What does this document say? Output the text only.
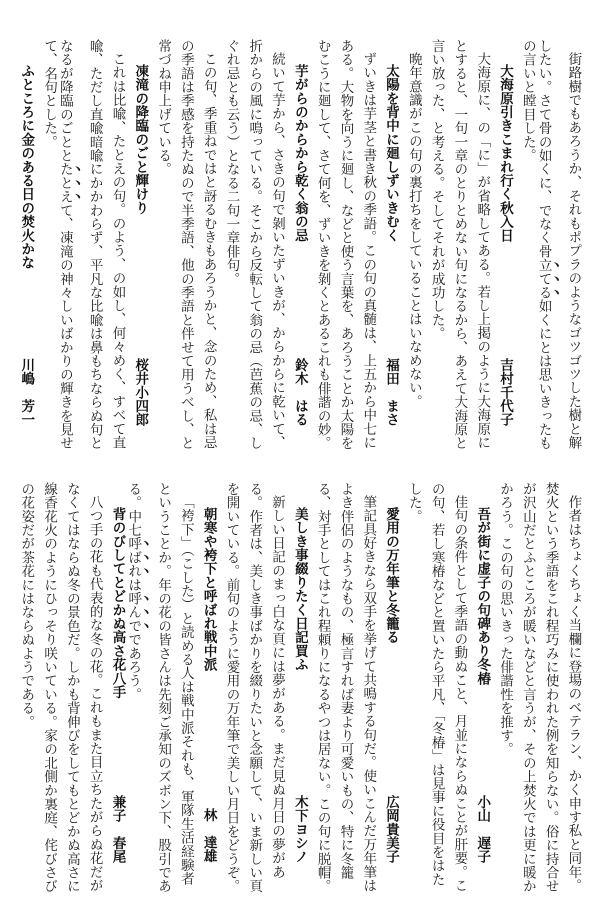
街路樹でもあろうか、それもポプラのようなゴツゴツした樹と解
したい。さて骨の如くに、でなく骨立てる如くにとは思いきったも
の言いと瞠目した。
大海原引きこまれ行く秋入日
吉村千代子
大海原に、の「に」が省略してある。若し上掲のように大海原に
とすると、一句一章のとりとめない句になるから、あえて大海原と
言い放った、と考える。そしてそれが成功した。
晩年意識がこの句の裏打ちをしていることはいなめない。
太陽を背中に廻しずいきむく
福田　まさ
ずいきは芋茎と書き秋の季語。この句の真髄は、上五から中七に
ある。大物を向うに廻し、などと使う言葉を、あろうことか太陽を
むこうに廻して、さて何を、ずいきを剝くとあるこれも俳諧の妙。
芋がらのからから乾く翁の忌
鈴木　はる
続いて芋から、さきの句で剝いたずいきが、からからに乾いて、
折からの風に鳴っている。そこから反転して翁の忌（芭蕉の忌、し
ぐれ忌とも云う）となる二句一章俳句。
この句、季重ねではと訝るむきもあろうかと、念のため、私は忌
の季語は季感を持たぬので半季語、他の季語と伴せて用うべし、と
常づね申上げている。
凍滝の降臨のごと輝けり
桜井小四郎
これは比喩、たとえの句。のよう、の如し、何々めく、すべて直
喩、ただし直喩暗喩にかかわらず、平凡な比喩は鼻もちならぬ句と
なるが降臨のごととたとえて、凍滝の神々しいばかりの輝きを見せ
て、名句とした。
ふところに金のある日の焚火かな
川嶋　芳一
作者はちょくちょく当欄に登場のベテラン、かく申す私と同年。
焚火という季語をこれ程巧みに使われた例を知らない。俗に持合せ
が沢山だとふところが暖いなどと言うが、その上焚火では更に暖か
かろう。この句の思いきった俳諧性を推す。
吾が街に虚子の句碑あり冬椿
小山　遅子
佳句の条件として季語の動ぬこと、月並にならぬことが肝要。こ
の句、若し寒椿などと置いたら平凡、「冬椿」は見事に役目をはた
した。
愛用の万年筆と冬籠る
広岡貴美子
筆記具好きなら双手を挙げて共鳴する句だ。使いこんだ万年筆は
よき伴侶のようなもの、極言すれば妻より可愛いもの、特に冬籠
る、対手としてはこれ程頼りになるやつは居ない。この句に脱帽。
美しき事綴りたく日記買ふ
木下ヨシノ
新しい日記のまっ白な頁には夢がある。まだ見ぬ月日の夢があ
る。作者は、美しき事ばかりを綴りたいと念願して、いま新しい頁
を開いている。前句のように愛用の万年筆で美しい月日をどうぞ。
朝寒や袴下と呼ばれ戦中派
林　達雄
「袴下」（こした）と読める人は戦中派それも、軍隊生活経験者
ということか。年の花の皆さんは先刻ご承知のズボン下、股引であ
る。中七呼ばれは呼んでであろう。
背のびしてとどかぬ高さ花八手
兼子　春尾
八つ手の花も代表的な冬の花。これもまた目立ちたがらぬ花だが
なくてはならぬ冬の景色だ。しかも背伸びをしてもとどかぬ高さに
線香花火のようにひっそり咲いている。家の北側か裏庭、侘びさび
の花姿だが茶花にはならぬようである。
